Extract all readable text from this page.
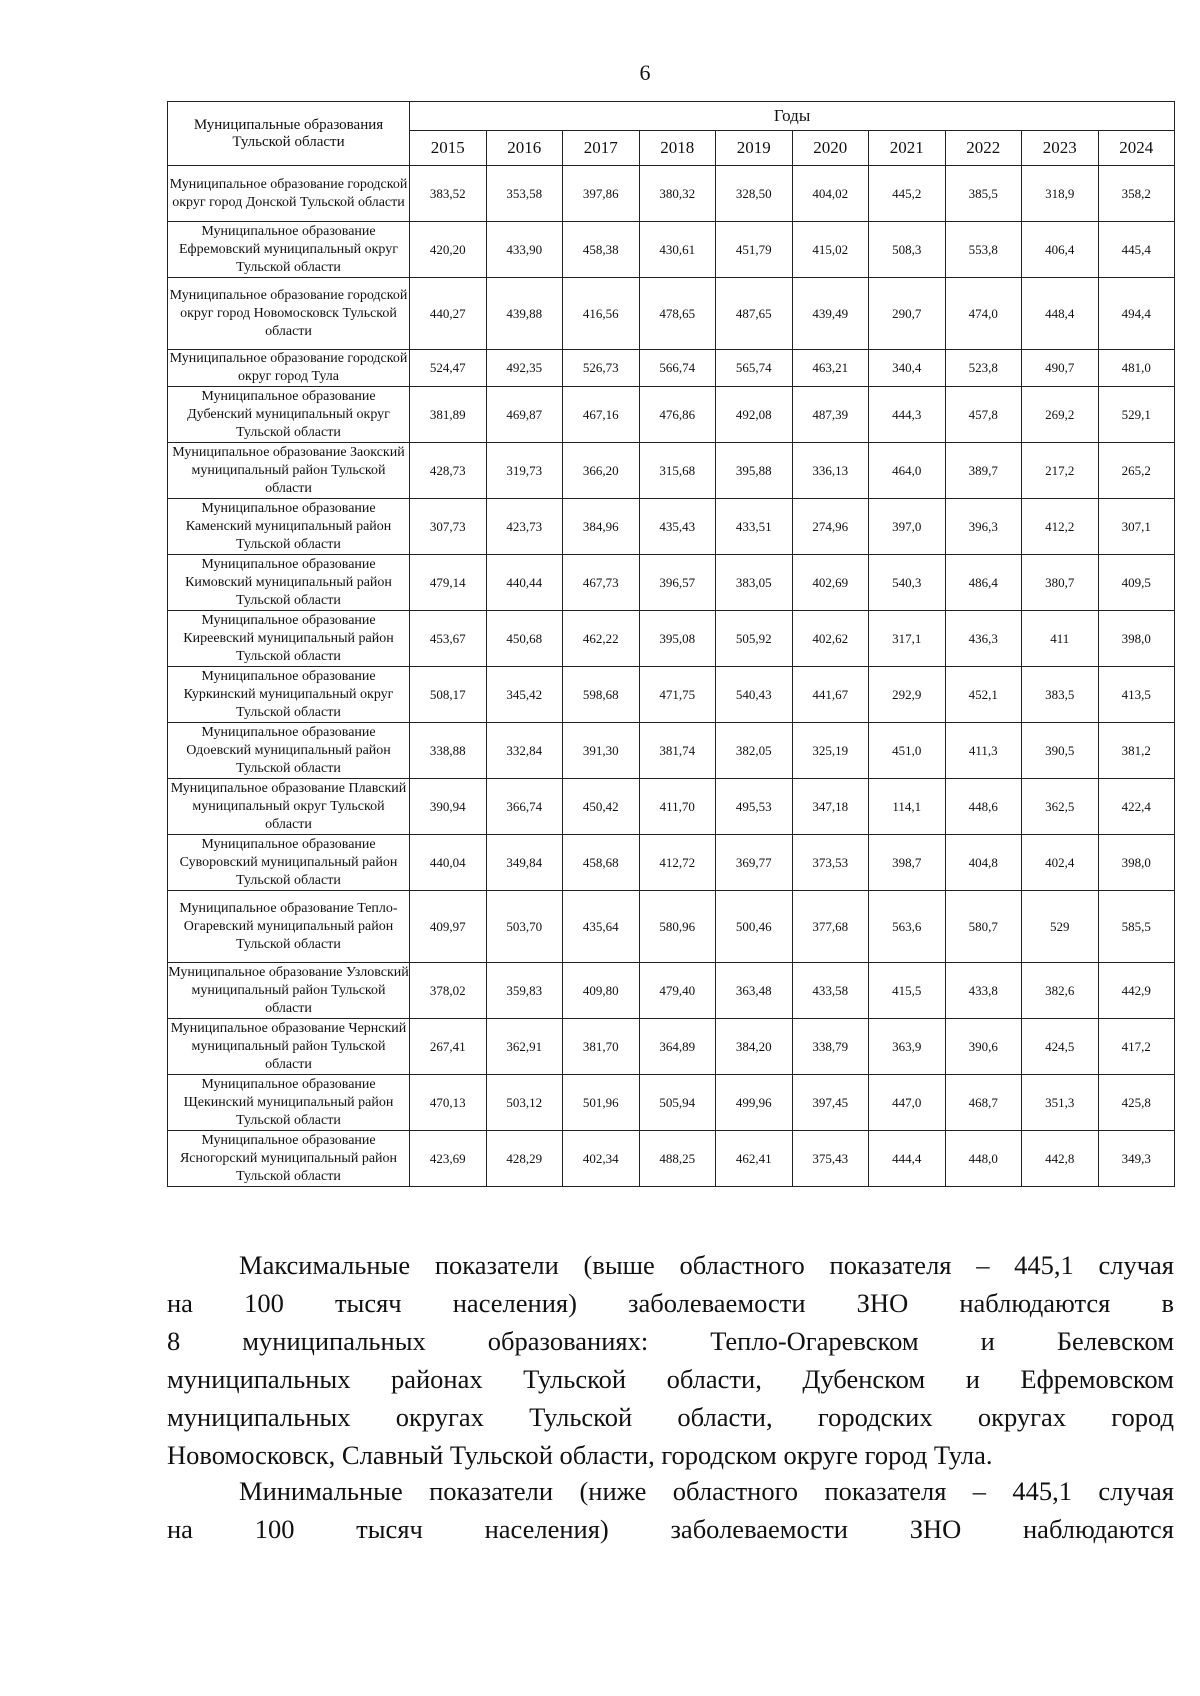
6
Муниципальные образования Тульской области	Годы									
	2015	2016	2017	2018	2019	2020	2021	2022	2023	2024
Муниципальное образование городской округ город Донской Тульской области	383,52	353,58	397,86	380,32	328,50	404,02	445,2	385,5	318,9	358,2
Муниципальное образование Ефремовский муниципальный округ Тульской области	420,20	433,90	458,38	430,61	451,79	415,02	508,3	553,8	406,4	445,4
Муниципальное образование городской округ город Новомосковск Тульской области	440,27	439,88	416,56	478,65	487,65	439,49	290,7	474,0	448,4	494,4
Муниципальное образование городской округ город Тула	524,47	492,35	526,73	566,74	565,74	463,21	340,4	523,8	490,7	481,0
Муниципальное образование Дубенский муниципальный округ Тульской области	381,89	469,87	467,16	476,86	492,08	487,39	444,3	457,8	269,2	529,1
Муниципальное образование Заокский муниципальный район Тульской области	428,73	319,73	366,20	315,68	395,88	336,13	464,0	389,7	217,2	265,2
Муниципальное образование Каменский муниципальный район Тульской области	307,73	423,73	384,96	435,43	433,51	274,96	397,0	396,3	412,2	307,1
Муниципальное образование Кимовский муниципальный район Тульской области	479,14	440,44	467,73	396,57	383,05	402,69	540,3	486,4	380,7	409,5
Муниципальное образование Киреевский муниципальный район Тульской области	453,67	450,68	462,22	395,08	505,92	402,62	317,1	436,3	411	398,0
Муниципальное образование Куркинский муниципальный округ Тульской области	508,17	345,42	598,68	471,75	540,43	441,67	292,9	452,1	383,5	413,5
Муниципальное образование Одоевский муниципальный район Тульской области	338,88	332,84	391,30	381,74	382,05	325,19	451,0	411,3	390,5	381,2
Муниципальное образование Плавский муниципальный округ Тульской области	390,94	366,74	450,42	411,70	495,53	347,18	114,1	448,6	362,5	422,4
Муниципальное образование Суворовский муниципальный район Тульской области	440,04	349,84	458,68	412,72	369,77	373,53	398,7	404,8	402,4	398,0
Муниципальное образование Тепло-Огаревский муниципальный район Тульской области	409,97	503,70	435,64	580,96	500,46	377,68	563,6	580,7	529	585,5
Муниципальное образование Узловский муниципальный район Тульской области	378,02	359,83	409,80	479,40	363,48	433,58	415,5	433,8	382,6	442,9
Муниципальное образование Чернский муниципальный район Тульской области	267,41	362,91	381,70	364,89	384,20	338,79	363,9	390,6	424,5	417,2
Муниципальное образование Щекинский муниципальный район Тульской области	470,13	503,12	501,96	505,94	499,96	397,45	447,0	468,7	351,3	425,8
Муниципальное образование Ясногорский муниципальный район Тульской области	423,69	428,29	402,34	488,25	462,41	375,43	444,4	448,0	442,8	349,3
Максимальные показатели (выше областного показателя – 445,1 случая
на 100 тысяч населения) заболеваемости ЗНО наблюдаются в
8 муниципальных образованиях: Тепло-Огаревском и Белевском
муниципальных районах Тульской области, Дубенском и Ефремовском
муниципальных округах Тульской области, городских округах город
Новомосковск, Славный Тульской области, городском округе город Тула.
Минимальные показатели (ниже областного показателя – 445,1 случая
на 100 тысяч населения) заболеваемости ЗНО наблюдаются
